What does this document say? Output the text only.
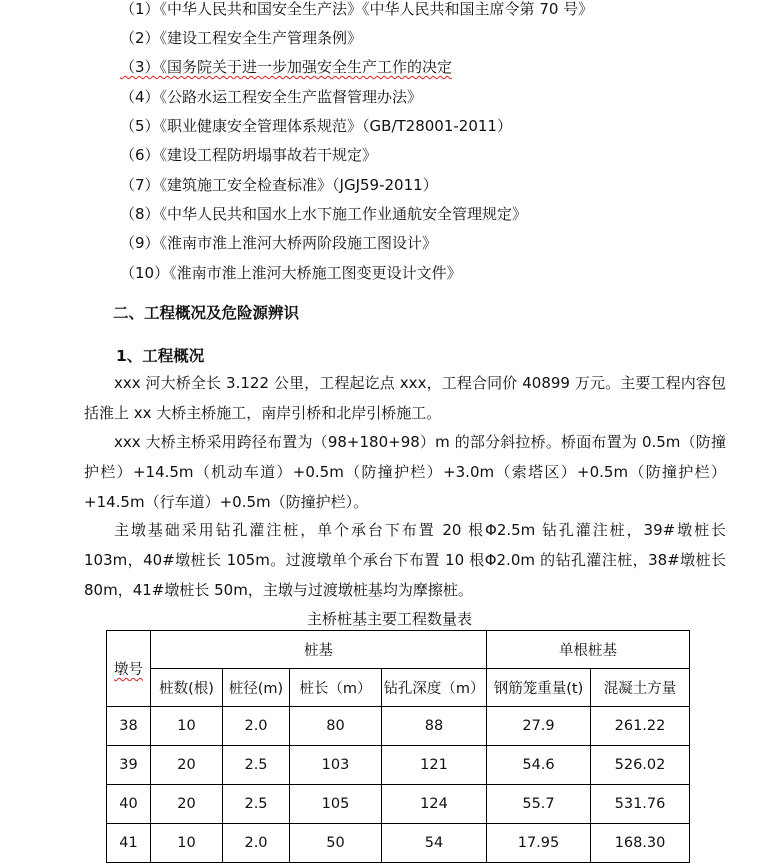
（1）《中华人民共和国安全生产法》《中华人民共和国主席令第 70 号》
（2）《建设工程安全生产管理条例》
（3）《国务院关于进一步加强安全生产工作的决定
（4）《公路水运工程安全生产监督管理办法》
（5）《职业健康安全管理体系规范》（GB/T28001-2011）
（6）《建设工程防坍塌事故若干规定》
（7）《建筑施工安全检查标准》（JGJ59-2011）
（8）《中华人民共和国水上水下施工作业通航安全管理规定》
（9）《淮南市淮上淮河大桥两阶段施工图设计》
（10）《淮南市淮上淮河大桥施工图变更设计文件》
二、工程概况及危险源辨识
1、工程概况
xxx 河大桥全长 3.122 公里，工程起讫点 xxx，工程合同价 40899 万元。主要工程内容包括淮上 xx 大桥主桥施工，南岸引桥和北岸引桥施工。
xxx 大桥主桥采用跨径布置为（98+180+98）m 的部分斜拉桥。桥面布置为 0.5m（防撞护栏）+14.5m（机动车道）+0.5m（防撞护栏）+3.0m（索塔区）+0.5m（防撞护栏）+14.5m（行车道）+0.5m（防撞护栏）。
主墩基础采用钻孔灌注桩，单个承台下布置 20 根Φ2.5m 钻孔灌注桩，39#墩桩长 103m，40#墩桩长 105m。过渡墩单个承台下布置 10 根Φ2.0m 的钻孔灌注桩，38#墩桩长 80m，41#墩桩长 50m，主墩与过渡墩桩基均为摩擦桩。
主桥桩基主要工程数量表
墩号	桩基				单根桩基	
	桩数(根)	桩径(m)	桩长（m）	钻孔深度（m）	钢筋笼重量(t)	混凝土方量
38	10	2.0	80	88	27.9	261.22
39	20	2.5	103	121	54.6	526.02
40	20	2.5	105	124	55.7	531.76
41	10	2.0	50	54	17.95	168.30
